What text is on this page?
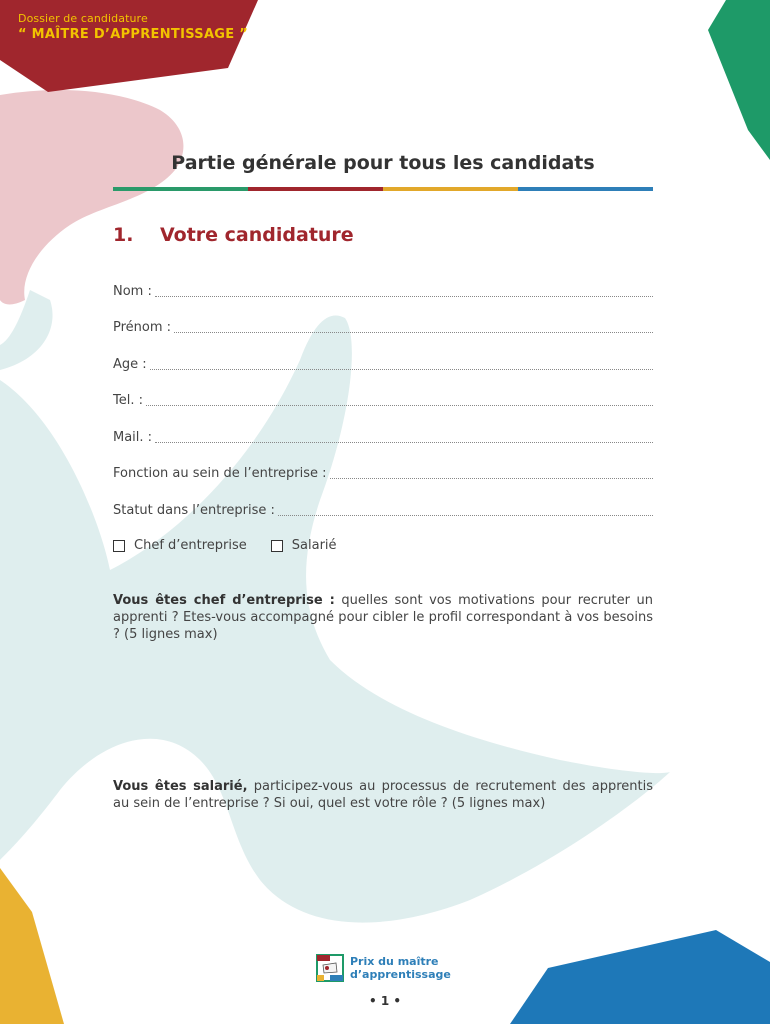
Dossier de candidature
“ MAÎTRE D’APPRENTISSAGE ”
Partie générale pour tous les candidats
1. Votre candidature
Nom :
Prénom :
Age :
Tel. :
Mail. :
Fonction au sein de l’entreprise :
Statut dans l’entreprise :
Chef d’entreprise	Salarié
Vous êtes chef d’entreprise : quelles sont vos motivations pour recruter un apprenti ? Etes-vous accompagné pour cibler le profil correspondant à vos besoins ? (5 lignes max)
Vous êtes salarié, participez-vous au processus de recrutement des apprentis au sein de l’entreprise ? Si oui, quel est votre rôle ? (5 lignes max)
Prix du maître
d’apprentissage
• 1 •
